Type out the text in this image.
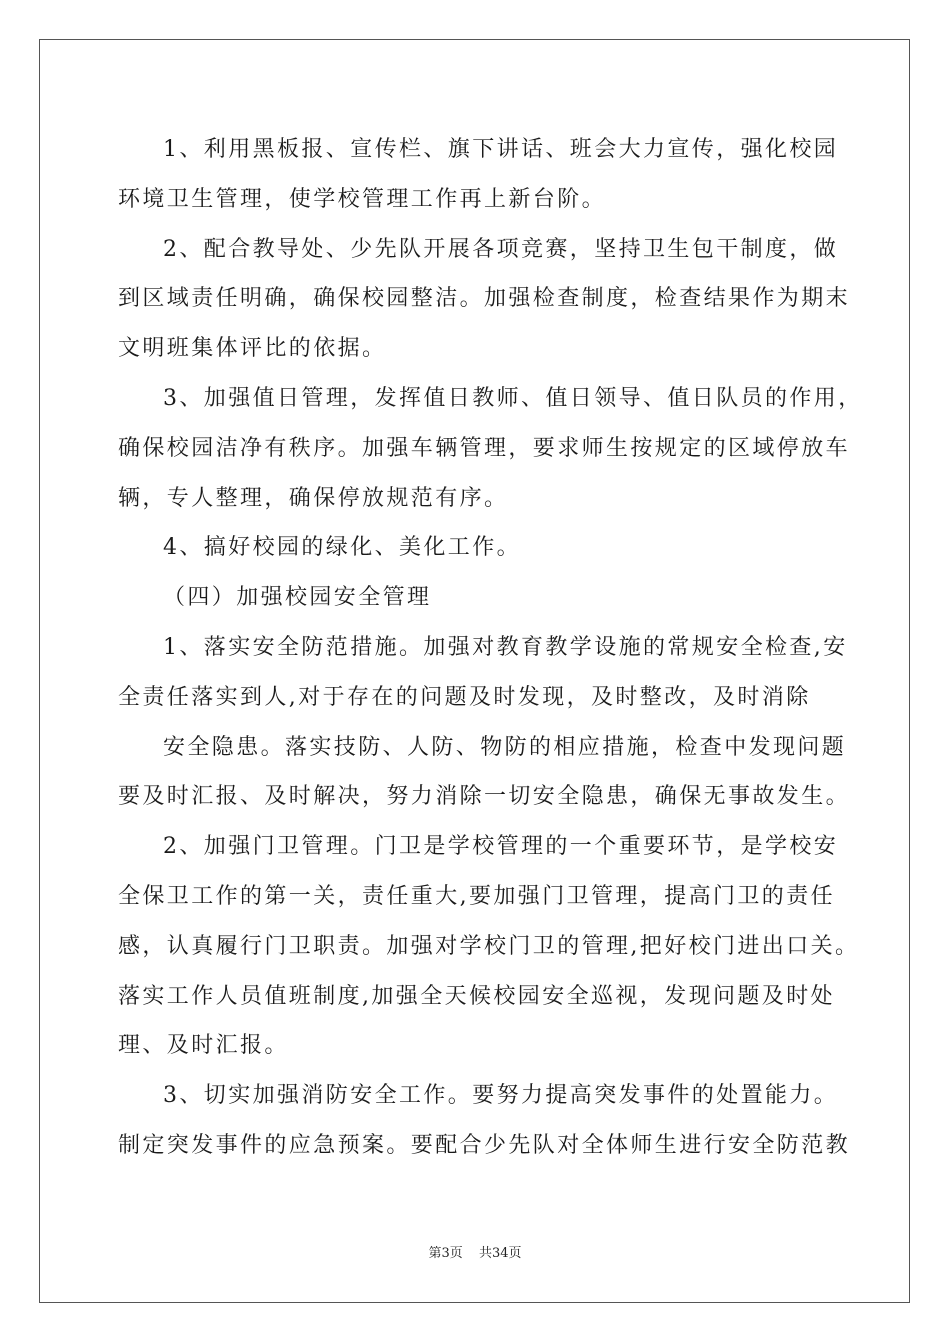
1、利用黑板报、宣传栏、旗下讲话、班会大力宣传，强化校园
环境卫生管理，使学校管理工作再上新台阶。
2、配合教导处、少先队开展各项竞赛，坚持卫生包干制度，做
到区域责任明确，确保校园整洁。加强检查制度，检查结果作为期末
文明班集体评比的依据。
3、加强值日管理，发挥值日教师、值日领导、值日队员的作用，
确保校园洁净有秩序。加强车辆管理，要求师生按规定的区域停放车
辆，专人整理，确保停放规范有序。
4、搞好校园的绿化、美化工作。
（四）加强校园安全管理
1、落实安全防范措施。加强对教育教学设施的常规安全检查,安
全责任落实到人,对于存在的问题及时发现，及时整改，及时消除
安全隐患。落实技防、人防、物防的相应措施，检查中发现问题
要及时汇报、及时解决，努力消除一切安全隐患，确保无事故发生。
2、加强门卫管理。门卫是学校管理的一个重要环节，是学校安
全保卫工作的第一关，责任重大,要加强门卫管理，提高门卫的责任
感，认真履行门卫职责。加强对学校门卫的管理,把好校门进出口关。
落实工作人员值班制度,加强全天候校园安全巡视，发现问题及时处
理、及时汇报。
3、切实加强消防安全工作。要努力提高突发事件的处置能力。
制定突发事件的应急预案。要配合少先队对全体师生进行安全防范教
第3页 共34页
